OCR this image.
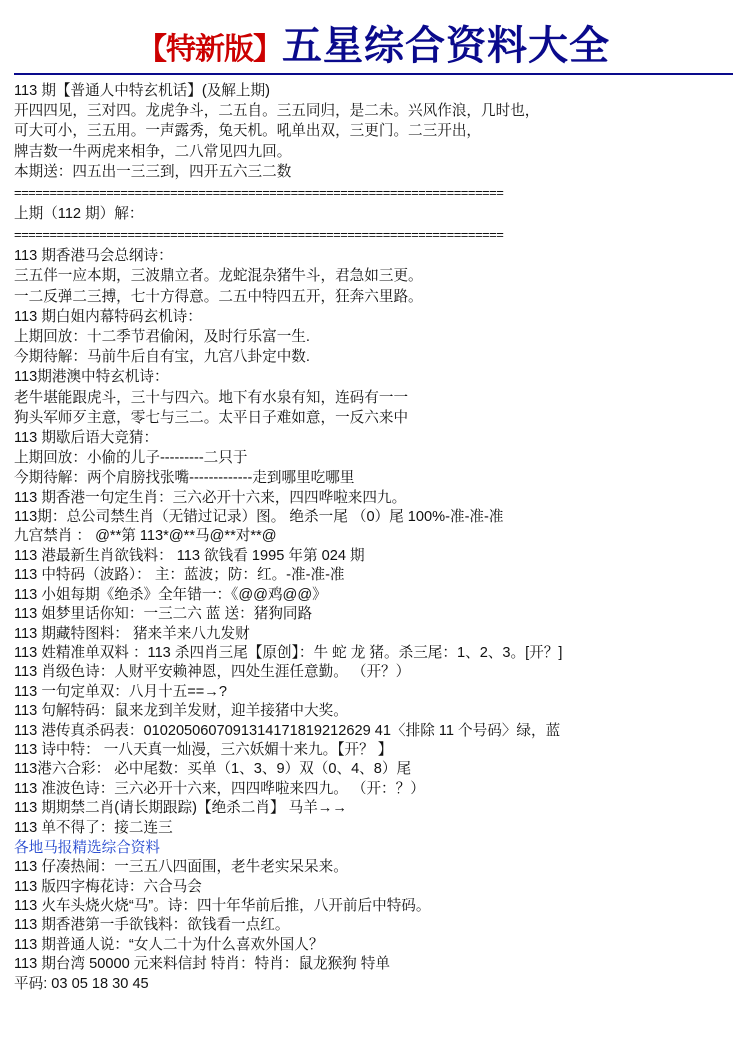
【特新版】五星综合资料大全
113 期【普通人中特玄机话】(及解上期)
开四四见，三对四。龙虎争斗，二五自。三五同归，是二未。兴风作浪，几时也，
可大可小，三五用。一声露秀，兔天机。吼单出双，三更门。二三开出，
牌吉数一牛两虎来相争，二八常见四九回。
本期送：四五出一三三到，四开五六三二数
=====================================================================
上期（112 期）解：
=====================================================================
113 期香港马会总纲诗：
三五伴一应本期，三波鼎立者。龙蛇混杂猪牛斗，君急如三更。
一二反弹二三搏，七十方得意。二五中特四五开，狂奔六里路。
113 期白姐内幕特码玄机诗：
上期回放：十二季节君偷闲，及时行乐富一生.
今期待解：马前牛后自有宝，九宫八卦定中数.
113期港澳中特玄机诗：
老牛堪能跟虎斗，三十与四六。地下有水泉有知，连码有一一
狗头军师歹主意，零七与三二。太平日子难如意，一反六来中
113 期歇后语大竞猜：
上期回放：小偷的儿子---------二只于
今期待解：两个肩膀找张嘴-------------走到哪里吃哪里
113 期香港一句定生肖：三六必开十六来，四四哗啦来四九。
113期：总公司禁生肖（无错过记录）图。 绝杀一尾 （0）尾 100%-准-准-准
九宫禁肖 ： @**第 113*@**马@**对**@
113 港最新生肖欲钱料： 113 欲钱看 1995 年第 024 期
113 中特码（波路）： 主：蓝波；防：红。-准-准-准
113 小姐每期《绝杀》全年错一：《@@鸡@@》
113 姐梦里话你知：一三二六 蓝 送：猪狗同路
113 期藏特图料： 猪来羊来八九发财
113 姓精准单双料 ：113 杀四肖三尾【原创】：牛 蛇 龙 猪。杀三尾：1、2、3。[开？]
113 肖级色诗：人财平安赖神恩，四处生涯任意勤。 （开？）
113 一句定单双：八月十五==→?
113 句解特码：鼠来龙到羊发财，迎羊接猪中大奖。
113 港传真杀码表：0102050607091314171819212629 41〈排除 11 个号码〉绿，蓝
113 诗中特： 一八天真一灿漫，三六妖媚十来九。【开？ 】
113港六合彩： 必中尾数：买单（1、3、9）双（0、4、8）尾
113 准波色诗：三六必开十六来，四四哗啦来四九。 （开：？）
113 期期禁二肖(请长期跟踪)【绝杀二肖】 马羊→→
113 单不得了：接二连三
各地马报精选综合资料
113 仔凑热闹：一三五八四面围，老牛老实呆呆来。
113 版四字梅花诗：六合马会
113 火车头烧火烧“马”。诗：四十年华前后推，八开前后中特码。
113 期香港第一手欲钱料：欲钱看一点红。
113 期普通人说：“女人二十为什么喜欢外国人？
113 期台湾 50000 元来料信封 特肖：特肖：鼠龙猴狗 特单
平码: 03 05 18 30 45
